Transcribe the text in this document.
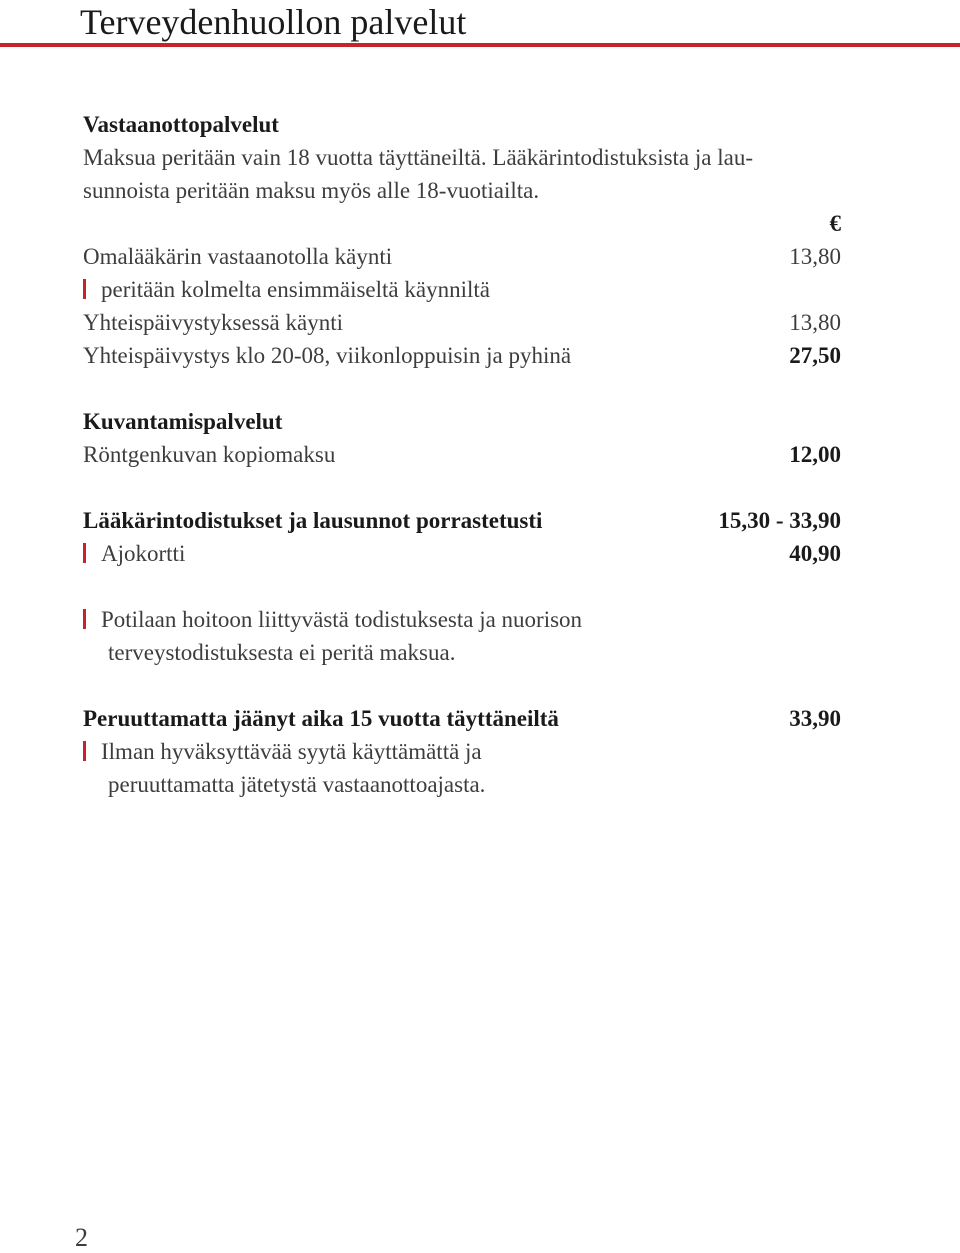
Terveydenhuollon palvelut
Vastaanottopalvelut
Maksua peritään vain 18 vuotta täyttäneiltä. Lääkärintodistuksista ja lau-
sunnoista peritään maksu myös alle 18-vuotiailta.
€
Omalääkärin vastaanotolla käynti	13,80
peritään kolmelta ensimmäiseltä käynniltä
Yhteispäivystyksessä käynti	13,80
Yhteispäivystys klo 20-08, viikonloppuisin ja pyhinä	27,50
Kuvantamispalvelut
Röntgenkuvan kopiomaksu	12,00
Lääkärintodistukset ja lausunnot porrastetusti	15,30 - 33,90
Ajokortti	40,90
Potilaan hoitoon liittyvästä todistuksesta ja nuorison
terveystodistuksesta ei peritä maksua.
Peruuttamatta jäänyt aika 15 vuotta täyttäneiltä	33,90
Ilman hyväksyttävää syytä käyttämättä ja
peruuttamatta jätetystä vastaanottoajasta.
2
